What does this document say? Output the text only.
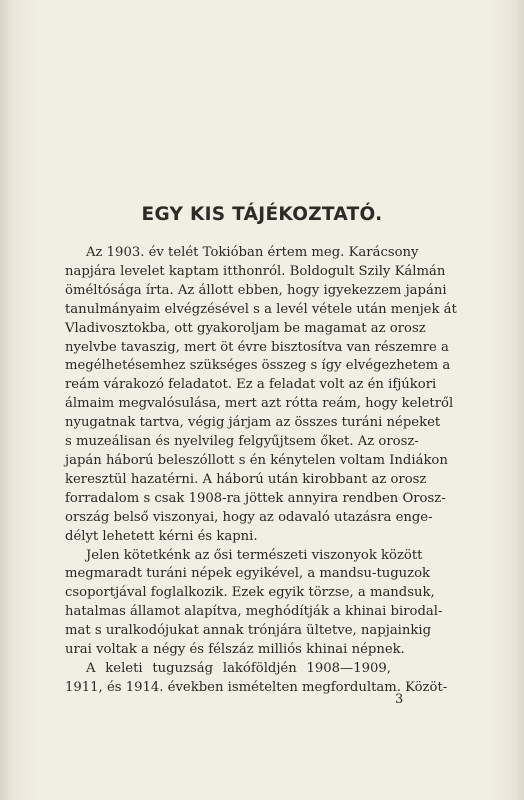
EGY KIS TÁJÉKOZTATÓ.
Az 1903. év telét Tokióban értem meg. Karácsony
napjára levelet kaptam itthonról. Boldogult Szily Kálmán
öméltósága írta. Az állott ebben, hogy igyekezzem japáni
tanulmányaim elvégzésével s a levél vétele után menjek át
Vladivosztokba, ott gyakoroljam be magamat az orosz
nyelvbe tavaszig, mert öt évre bisztosítva van részemre a
megélhetésemhez szükséges összeg s így elvégezhetem a
reám várakozó feladatot. Ez a feladat volt az én ifjúkori
álmaim megvalósulása, mert azt rótta reám, hogy keletről
nyugatnak tartva, végig járjam az összes turáni népeket
s muzeálisan és nyelvileg felgyűjtsem őket. Az orosz-
japán háború beleszóllott s én kénytelen voltam Indiákon
keresztül hazatérni. A háború után kirobbant az orosz
forradalom s csak 1908-ra jöttek annyira rendben Orosz-
ország belső viszonyai, hogy az odavaló utazásra enge-
délyt lehetett kérni és kapni.
Jelen kötetkénk az ősi természeti viszonyok között
megmaradt turáni népek egyikével, a mandsu-tuguzok
csoportjával foglalkozik. Ezek egyik törzse, a mandsuk,
hatalmas államot alapítva, meghódítják a khinai birodal-
mat s uralkodójukat annak trónjára ültetve, napjainkig
urai voltak a négy és félszáz milliós khinai népnek.
A keleti tuguzság lakóföldjén 1908—1909,
1911, és 1914. években ismételten megfordultam. Közöt-
3
